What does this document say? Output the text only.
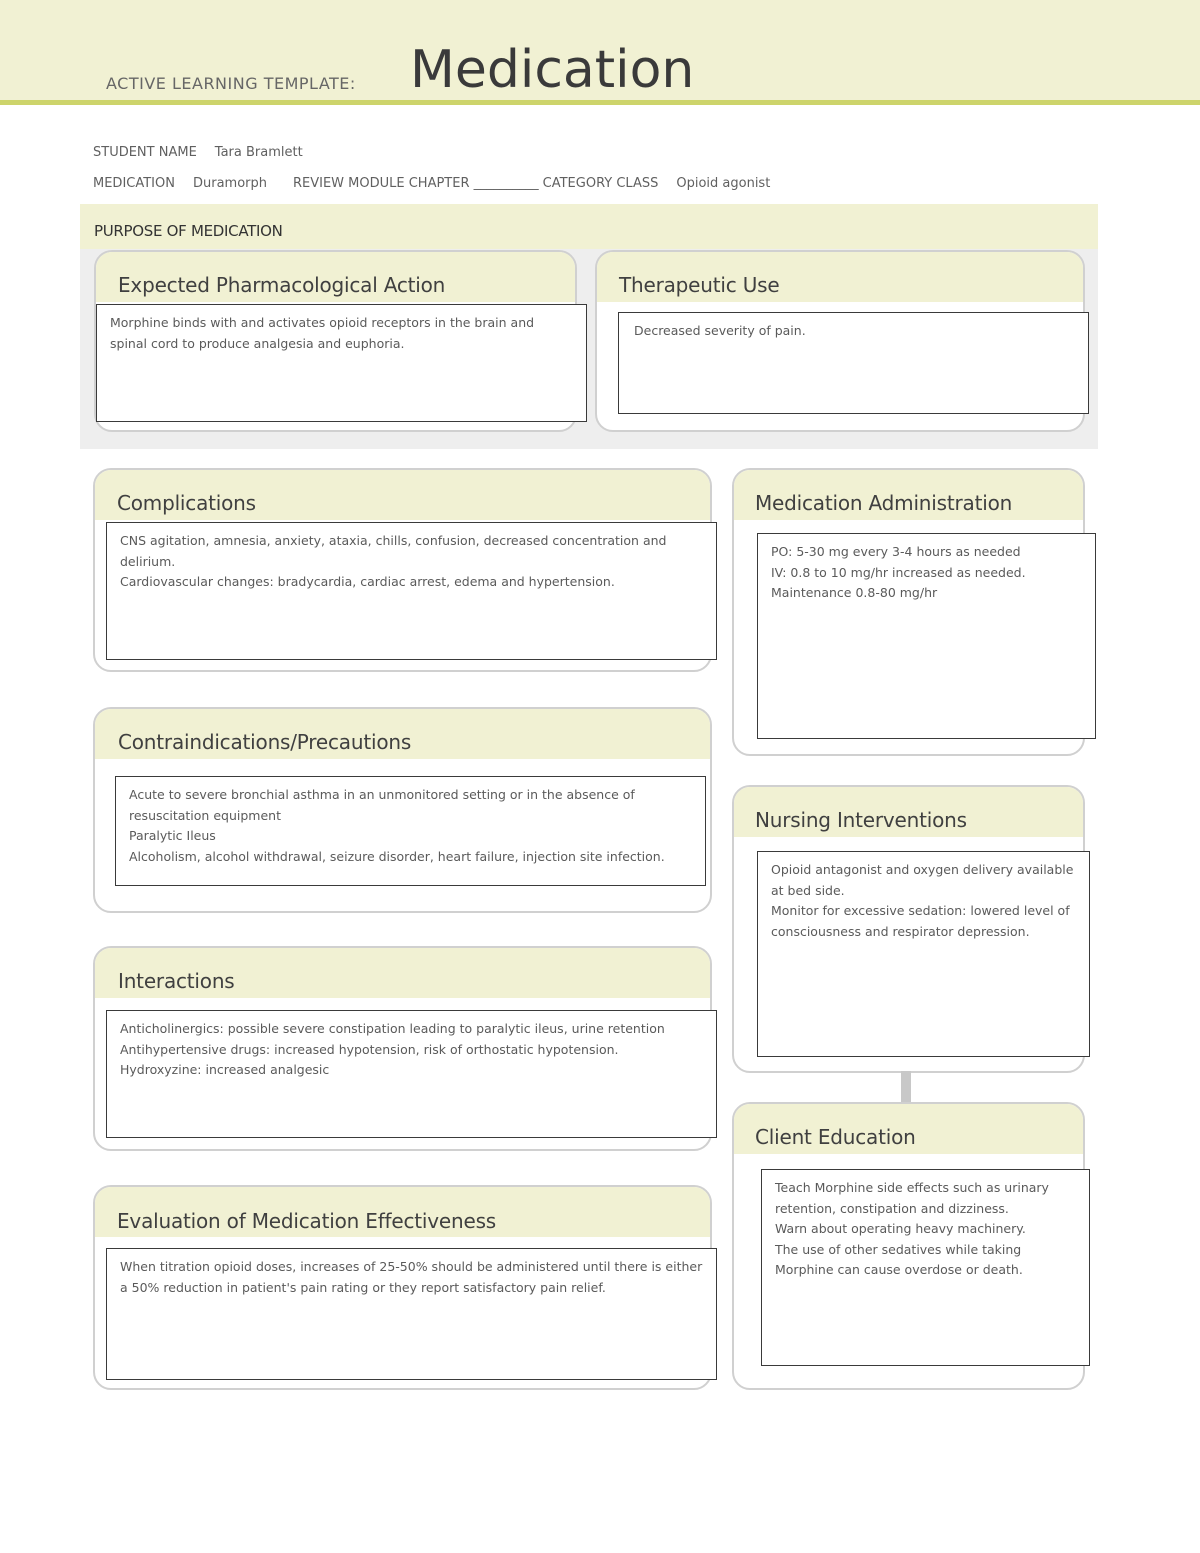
ACTIVE LEARNING TEMPLATE: Medication
STUDENT NAME Tara Bramlett
MEDICATION Duramorph REVIEW MODULE CHAPTER __________ CATEGORY CLASS Opioid agonist
PURPOSE OF MEDICATION
Expected Pharmacological Action

Morphine binds with and activates opioid receptors in the brain and spinal cord to produce analgesia and euphoria.

Therapeutic Use

Decreased severity of pain.

Complications

CNS agitation, amnesia, anxiety, ataxia, chills, confusion, decreased concentration and delirium.

Cardiovascular changes: bradycardia, cardiac arrest, edema and hypertension.

Medication Administration

PO: 5-30 mg every 3-4 hours as needed

IV: 0.8 to 10 mg/hr increased as needed.

Maintenance 0.8-80 mg/hr

Contraindications/Precautions

Acute to severe bronchial asthma in an unmonitored setting or in the absence of resuscitation equipment

Paralytic Ileus

Alcoholism, alcohol withdrawal, seizure disorder, heart failure, injection site infection.

Nursing Interventions

Opioid antagonist and oxygen delivery available at bed side.

Monitor for excessive sedation: lowered level of consciousness and respirator depression.

Interactions

Anticholinergics: possible severe constipation leading to paralytic ileus, urine retention

Antihypertensive drugs: increased hypotension, risk of orthostatic hypotension.

Hydroxyzine: increased analgesic

Client Education

Teach Morphine side effects such as urinary retention, constipation and dizziness.

Warn about operating heavy machinery.

The use of other sedatives while taking Morphine can cause overdose or death.

Evaluation of Medication Effectiveness

When titration opioid doses, increases of 25-50% should be administered until there is either a 50% reduction in patient's pain rating or they report satisfactory pain relief.
